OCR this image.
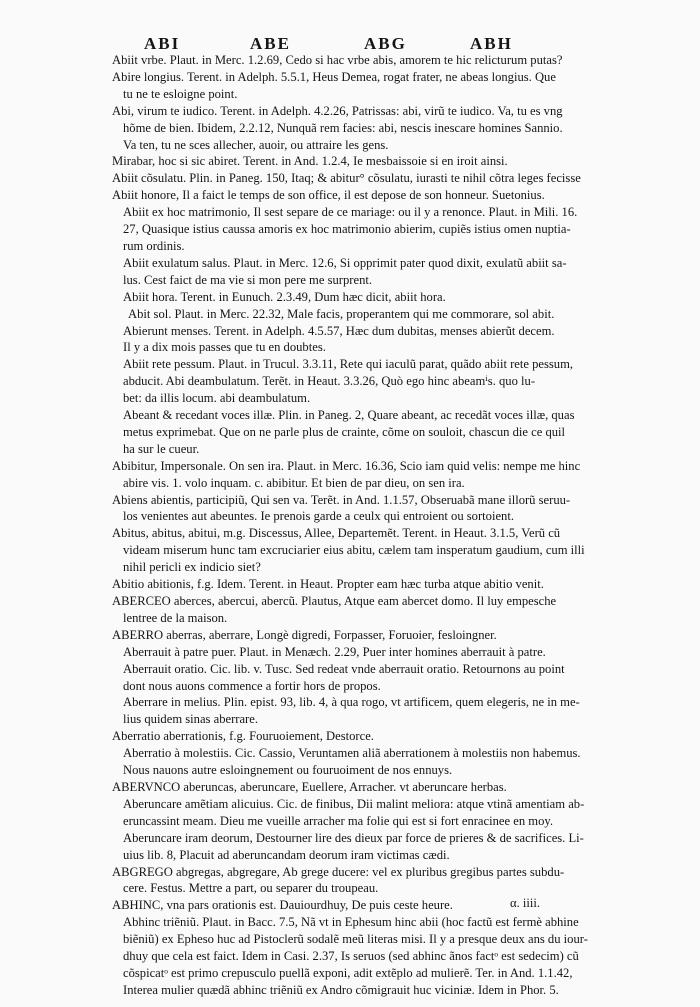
ABI	ABE	ABG	ABH
Abiit vrbe. Plaut. in Merc. 1.2.69, Cedo si hac vrbe abis, amorem te hic relicturum putas?
Abire longius. Terent. in Adelph. 5.5.1, Heus Demea, rogat frater, ne abeas longius. Que
tu ne te esloigne point.
Abi, virum te iudico. Terent. in Adelph. 4.2.26, Patrissas: abi, virũ te iudico. Va, tu es vng
hõme de bien. Ibidem, 2.2.12, Nunquã rem facies: abi, nescis inescare homines Sannio.
Va ten, tu ne sces allecher, auoir, ou attraire les gens.
Mirabar, hoc si sic abiret. Terent. in And. 1.2.4, Ie mesbaissoie si en iroit ainsi.
Abiit cõsulatu. Plin. in Paneg. 150, Itaq; & abitur° cõsulatu, iurasti te nihil cõtra leges fecisse
Abiit honore, Il a faict le temps de son office, il est depose de son honneur. Suetonius.
Abiit ex hoc matrimonio, Il sest separe de ce mariage: ou il y a renonce. Plaut. in Mili. 16.
27, Quasique istius caussa amoris ex hoc matrimonio abierim, cupiẽs istius omen nuptia-
rum ordinis.
Abiit exulatum salus. Plaut. in Merc. 12.6, Si opprimit pater quod dixit, exulatũ abiit sa-
lus. Cest faict de ma vie si mon pere me surprent.
Abiit hora. Terent. in Eunuch. 2.3.49, Dum hæc dicit, abiit hora.
Abit sol. Plaut. in Merc. 22.32, Male facis, properantem qui me commorare, sol abit.
Abierunt menses. Terent. in Adelph. 4.5.57, Hæc dum dubitas, menses abierũt decem.
Il y a dix mois passes que tu en doubtes.
Abiit rete pessum. Plaut. in Trucul. 3.3.11, Rete qui iaculũ parat, quãdo abiit rete pessum,
abducit. Abi deambulatum. Terẽt. in Heaut. 3.3.26, Quò ego hinc abeamⁱs. quo lu-
bet: da illis locum. abi deambulatum.
Abeant & recedant voces illæ. Plin. in Paneg. 2, Quare abeant, ac recedãt voces illæ, quas
metus exprimebat. Que on ne parle plus de crainte, cõme on souloit, chascun die ce quil
ha sur le cueur.
Abibitur, Impersonale. On sen ira. Plaut. in Merc. 16.36, Scio iam quid velis: nempe me hinc
abire vis. 1. volo inquam. c. abibitur. Et bien de par dieu, on sen ira.
Abiens abientis, participiũ, Qui sen va. Terẽt. in And. 1.1.57, Obseruabã mane illorũ seruu-
los venientes aut abeuntes. Ie prenois garde a ceulx qui entroient ou sortoient.
Abitus, abitus, abitui, m.g. Discessus, Allee, Departemẽt. Terent. in Heaut. 3.1.5, Verũ cũ
videam miserum hunc tam excruciarier eius abitu, cælem tam insperatum gaudium, cum illi
nihil pericli ex indicio siet?
Abitio abitionis, f.g. Idem. Terent. in Heaut. Propter eam hæc turba atque abitio venit.
ABERCEO aberces, abercui, abercũ. Plautus, Atque eam abercet domo. Il luy empesche
lentree de la maison.
ABERRO aberras, aberrare, Longè digredi, Forpasser, Foruoier, fesloingner.
Aberrauit à patre puer. Plaut. in Menæch. 2.29, Puer inter homines aberrauit à patre.
Aberrauit oratio. Cic. lib. v. Tusc. Sed redeat vnde aberrauit oratio. Retournons au point
dont nous auons commence a fortir hors de propos.
Aberrare in melius. Plin. epist. 93, lib. 4, à qua rogo, vt artificem, quem elegeris, ne in me-
lius quidem sinas aberrare.
Aberratio aberrationis, f.g. Fouruoiement, Destorce.
Aberratio à molestiis. Cic. Cassio, Veruntamen aliã aberrationem à molestiis non habemus.
Nous nauons autre esloingnement ou fouruoiment de nos ennuys.
ABERVNCO aberuncas, aberuncare, Euellere, Arracher. vt aberuncare herbas.
Aberuncare amẽtiam alicuius. Cic. de finibus, Dii malint meliora: atque vtinã amentiam ab-
eruncassint meam. Dieu me vueille arracher ma folie qui est si fort enracinee en moy.
Aberuncare iram deorum, Destourner lire des dieux par force de prieres & de sacrifices. Li-
uius lib. 8, Placuit ad aberuncandam deorum iram victimas cædi.
ABGREGO abgregas, abgregare, Ab grege ducere: vel ex pluribus gregibus partes subdu-
cere. Festus. Mettre a part, ou separer du troupeau.
ABHINC, vna pars orationis est. Dauiourdhuy, De puis ceste heure.
Abhinc triẽniũ. Plaut. in Bacc. 7.5, Nã vt in Ephesum hinc abii (hoc factũ est fermè abhine
biẽniũ) ex Epheso huc ad Pistoclerũ sodalẽ meũ literas misi. Il y a presque deux ans du iour-
dhuy que cela est faict. Idem in Casi. 2.37, Is seruos (sed abhinc ãnos factᵒ est sedecim) cũ
cõspicatᵒ est primo crepusculo puellã exponi, adit extẽplo ad mulierẽ. Ter. in And. 1.1.42,
Interea mulier quædã abhinc triẽniũ ex Andro cõmigrauit huc viciniæ. Idem in Phor. 5.
α. iiii.
